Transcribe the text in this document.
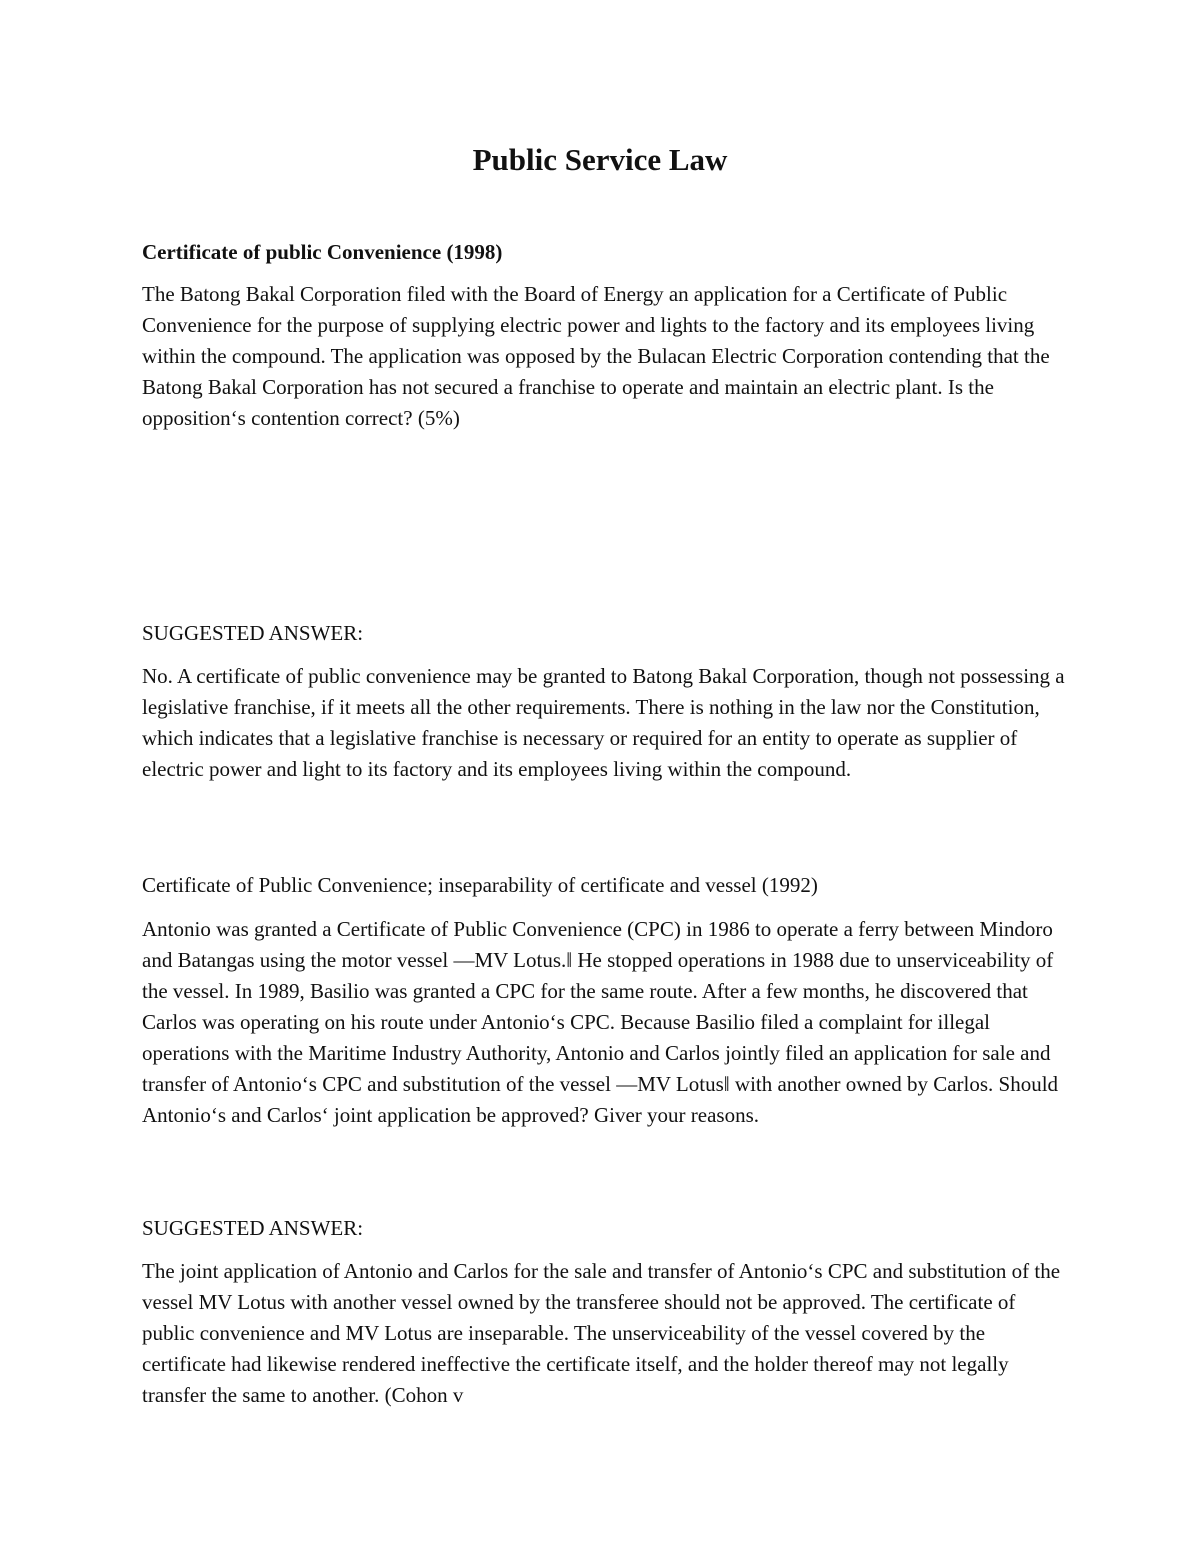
Public Service Law

Certificate of public Convenience (1998)

The Batong Bakal Corporation filed with the Board of Energy an application for a Certificate of Public Convenience for the purpose of supplying electric power and lights to the factory and its employees living within the compound. The application was opposed by the Bulacan Electric Corporation contending that the Batong Bakal Corporation has not secured a franchise to operate and maintain an electric plant. Is the opposition‘s contention correct? (5%)

SUGGESTED ANSWER:

No. A certificate of public convenience may be granted to Batong Bakal Corporation, though not possessing a legislative franchise, if it meets all the other requirements. There is nothing in the law nor the Constitution, which indicates that a legislative franchise is necessary or required for an entity to operate as supplier of electric power and light to its factory and its employees living within the compound.

Certificate of Public Convenience; inseparability of certificate and vessel (1992)

Antonio was granted a Certificate of Public Convenience (CPC) in 1986 to operate a ferry between Mindoro and Batangas using the motor vessel ―MV Lotus.‖ He stopped operations in 1988 due to unserviceability of the vessel. In 1989, Basilio was granted a CPC for the same route. After a few months, he discovered that Carlos was operating on his route under Antonio‘s CPC. Because Basilio filed a complaint for illegal operations with the Maritime Industry Authority, Antonio and Carlos jointly filed an application for sale and transfer of Antonio‘s CPC and substitution of the vessel ―MV Lotus‖ with another owned by Carlos. Should Antonio‘s and Carlos‘ joint application be approved? Giver your reasons.

SUGGESTED ANSWER:

The joint application of Antonio and Carlos for the sale and transfer of Antonio‘s CPC and substitution of the vessel MV Lotus with another vessel owned by the transferee should not be approved. The certificate of public convenience and MV Lotus are inseparable. The unserviceability of the vessel covered by the certificate had likewise rendered ineffective the certificate itself, and the holder thereof may not legally transfer the same to another. (Cohon v
